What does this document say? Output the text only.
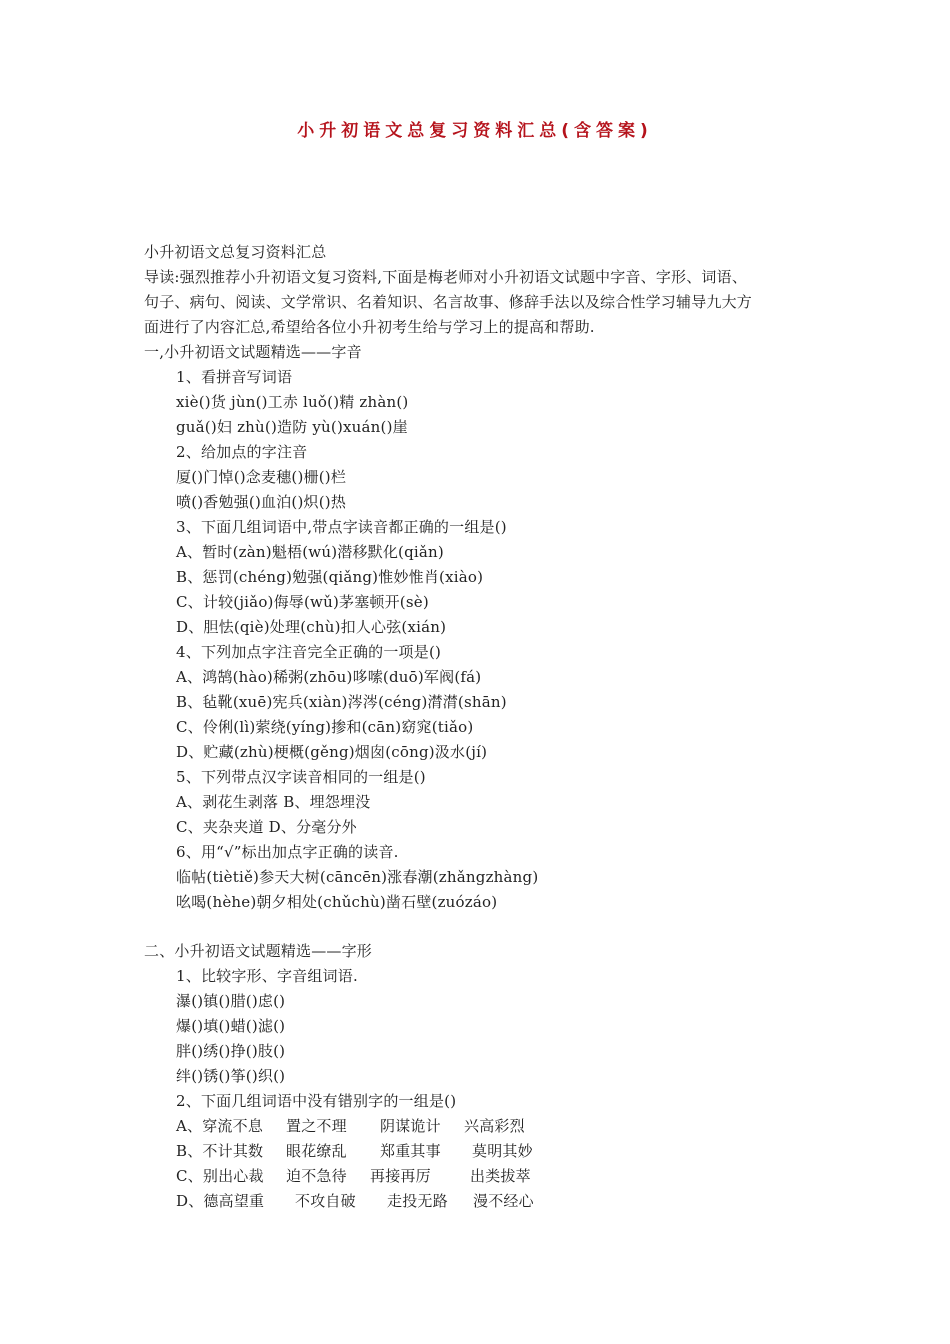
小升初语文总复习资料汇总(含答案)
小升初语文总复习资料汇总
导读:强烈推荐小升初语文复习资料,下面是梅老师对小升初语文试题中字音、字形、词语、
句子、病句、阅读、文学常识、名着知识、名言故事、修辞手法以及综合性学习辅导九大方
面进行了内容汇总,希望给各位小升初考生给与学习上的提高和帮助.
一,小升初语文试题精选——字音
1、看拼音写词语
xiè()货 jùn()工赤 luǒ()精 zhàn()
guǎ()妇 zhù()造防 yù()xuán()崖
2、给加点的字注音
厦()门悼()念麦穗()栅()栏
喷()香勉强()血泊()炽()热
3、下面几组词语中,带点字读音都正确的一组是()
A、暂时(zàn)魁梧(wú)潜移默化(qiǎn)
B、惩罚(chéng)勉强(qiǎng)惟妙惟肖(xiào)
C、计较(jiǎo)侮辱(wǔ)茅塞顿开(sè)
D、胆怯(qiè)处理(chù)扣人心弦(xián)
4、下列加点字注音完全正确的一项是()
A、鸿鹄(hào)稀粥(zhōu)哆嗦(duō)军阀(fá)
B、毡靴(xuē)宪兵(xiàn)涔涔(céng)潸潸(shān)
C、伶俐(lì)萦绕(yíng)掺和(cān)窈窕(tiǎo)
D、贮藏(zhù)梗概(gěng)烟囱(cōng)汲水(jí)
5、下列带点汉字读音相同的一组是()
A、剥花生剥落 B、埋怨埋没
C、夹杂夹道 D、分毫分外
6、用“√”标出加点字正确的读音.
临帖(tiètiě)参天大树(cāncēn)涨春潮(zhǎngzhàng)
吆喝(hèhe)朝夕相处(chǔchù)凿石壁(zuózáo)
二、小升初语文试题精选——字形
1、比较字形、字音组词语.
瀑()镇()腊()虑()
爆()填()蜡()滤()
胖()绣()挣()肢()
绊()锈()筝()织()
2、下面几组词语中没有错别字的一组是()
A、穿流不息 置之不理 阴谋诡计 兴高彩烈
B、不计其数 眼花缭乱 郑重其事 莫明其妙
C、别出心裁 迫不急待 再接再厉	出类拔萃
D、德高望重 不攻自破 走投无路 漫不经心
